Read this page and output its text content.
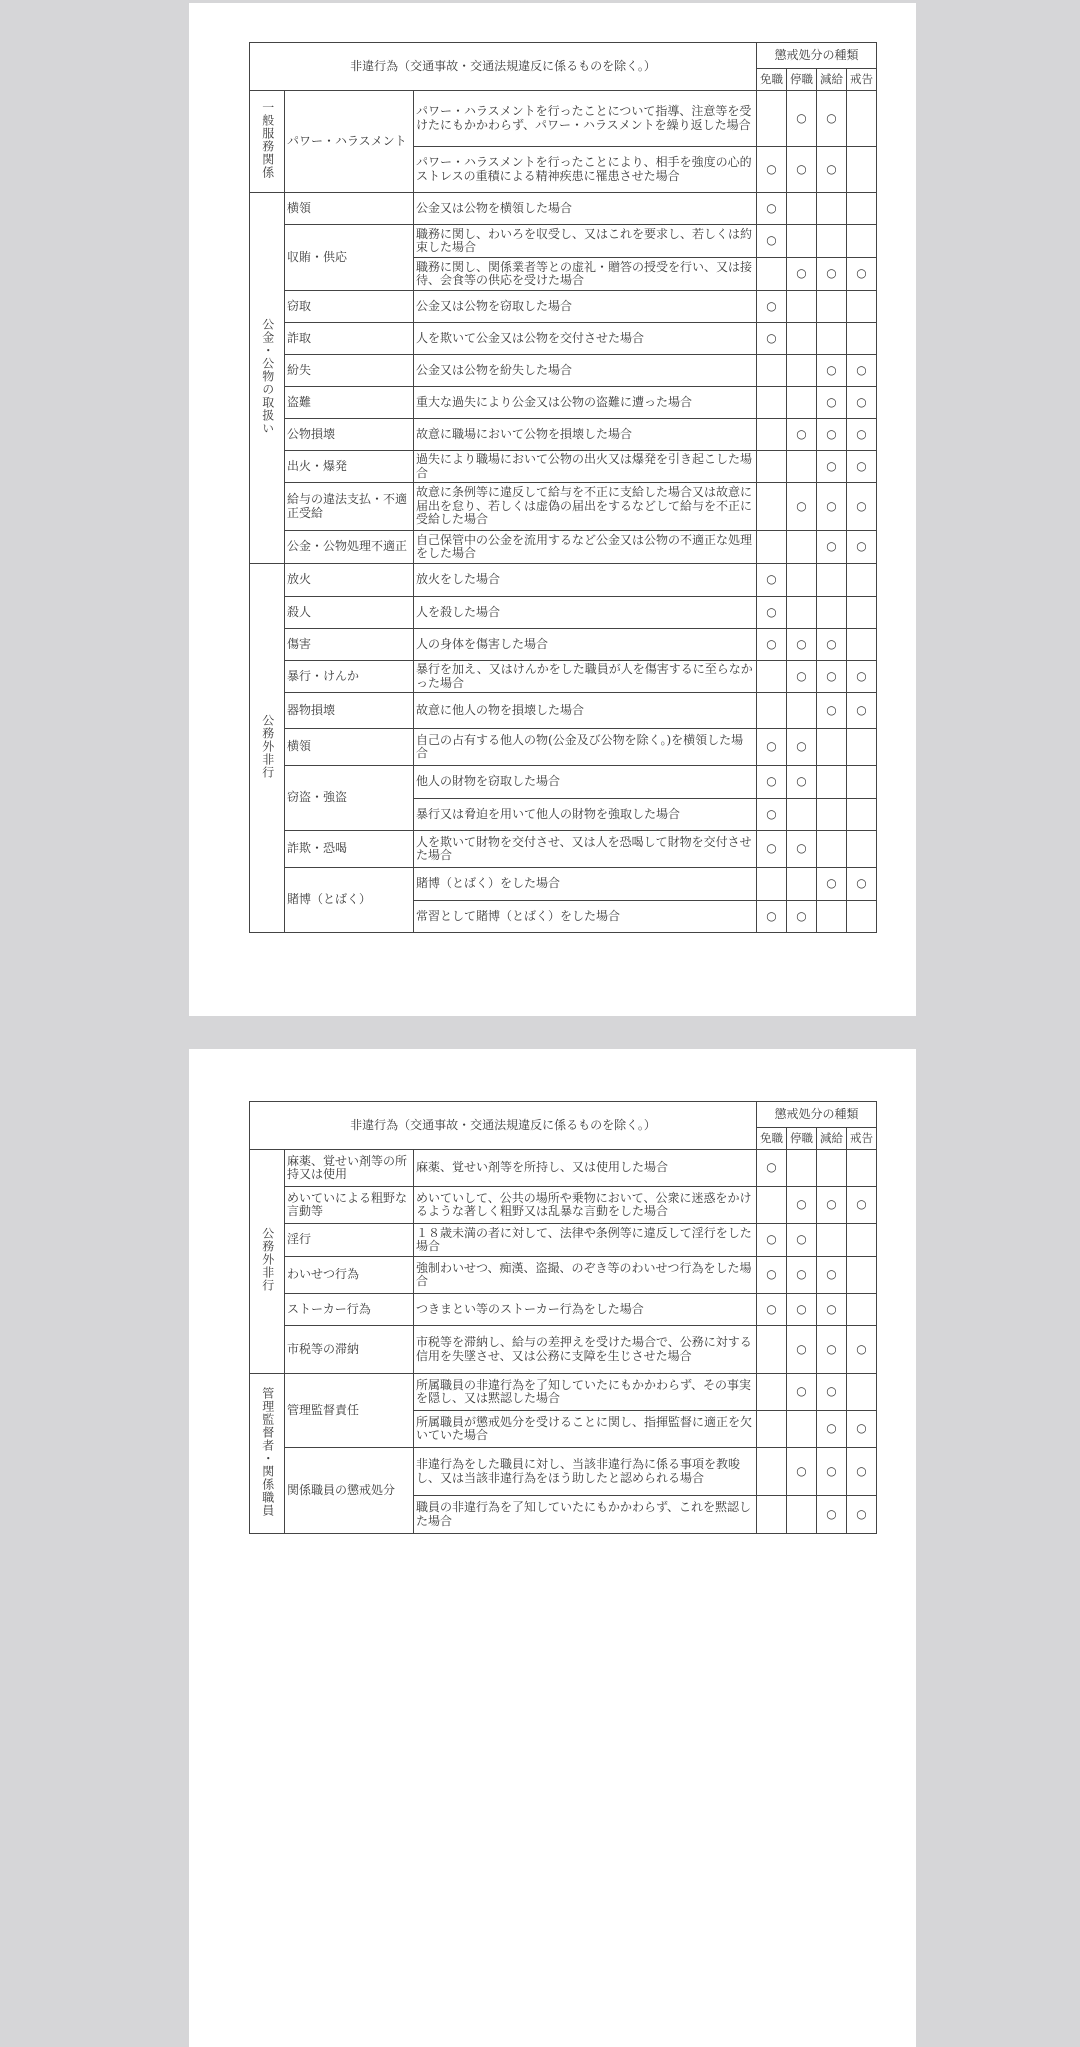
非違行為（交通事故・交通法規違反に係るものを除く。）			懲戒処分の種類			
			免職	停職	減給	戒告
一般服務関係	パワー・ハラスメント	パワー・ハラスメントを行ったことについて指導、注意等を受けたにもかかわらず、パワー・ハラスメントを繰り返した場合		○	○	
		パワー・ハラスメントを行ったことにより、相手を強度の心的ストレスの重積による精神疾患に罹患させた場合	○	○	○	
公金・公物の取扱い	横領	公金又は公物を横領した場合	○			
	収賄・供応	職務に関し、わいろを収受し、又はこれを要求し、若しくは約束した場合	○			
		職務に関し、関係業者等との虚礼・贈答の授受を行い、又は接待、会食等の供応を受けた場合		○	○	○
	窃取	公金又は公物を窃取した場合	○			
	詐取	人を欺いて公金又は公物を交付させた場合	○			
	紛失	公金又は公物を紛失した場合			○	○
	盗難	重大な過失により公金又は公物の盗難に遭った場合			○	○
	公物損壊	故意に職場において公物を損壊した場合		○	○	○
	出火・爆発	過失により職場において公物の出火又は爆発を引き起こした場合			○	○
	給与の違法支払・不適正受給	故意に条例等に違反して給与を不正に支給した場合又は故意に届出を怠り、若しくは虚偽の届出をするなどして給与を不正に受給した場合		○	○	○
	公金・公物処理不適正	自己保管中の公金を流用するなど公金又は公物の不適正な処理をした場合			○	○
公務外非行	放火	放火をした場合	○			
	殺人	人を殺した場合	○			
	傷害	人の身体を傷害した場合	○	○	○	
	暴行・けんか	暴行を加え、又はけんかをした職員が人を傷害するに至らなかった場合		○	○	○
	器物損壊	故意に他人の物を損壊した場合			○	○
	横領	自己の占有する他人の物(公金及び公物を除く。)を横領した場合	○	○		
	窃盗・強盗	他人の財物を窃取した場合	○	○		
		暴行又は脅迫を用いて他人の財物を強取した場合	○			
	詐欺・恐喝	人を欺いて財物を交付させ、又は人を恐喝して財物を交付させた場合	○	○		
	賭博（とばく）	賭博（とばく）をした場合			○	○
		常習として賭博（とばく）をした場合	○	○		
非違行為（交通事故・交通法規違反に係るものを除く。）			懲戒処分の種類			
			免職	停職	減給	戒告
公務外非行	麻薬、覚せい剤等の所持又は使用	麻薬、覚せい剤等を所持し、又は使用した場合	○			
	めいていによる粗野な言動等	めいていして、公共の場所や乗物において、公衆に迷惑をかけるような著しく粗野又は乱暴な言動をした場合		○	○	○
	淫行	１８歳未満の者に対して、法律や条例等に違反して淫行をした場合	○	○		
	わいせつ行為	強制わいせつ、痴漢、盗撮、のぞき等のわいせつ行為をした場合	○	○	○	
	ストーカー行為	つきまとい等のストーカー行為をした場合	○	○	○	
	市税等の滞納	市税等を滞納し、給与の差押えを受けた場合で、公務に対する信用を失墜させ、又は公務に支障を生じさせた場合		○	○	○
管理監督者・関係職員	管理監督責任	所属職員の非違行為を了知していたにもかかわらず、その事実を隠し、又は黙認した場合		○	○	
		所属職員が懲戒処分を受けることに関し、指揮監督に適正を欠いていた場合			○	○
	関係職員の懲戒処分	非違行為をした職員に対し、当該非違行為に係る事項を教唆し、又は当該非違行為をほう助したと認められる場合		○	○	○
		職員の非違行為を了知していたにもかかわらず、これを黙認した場合			○	○
